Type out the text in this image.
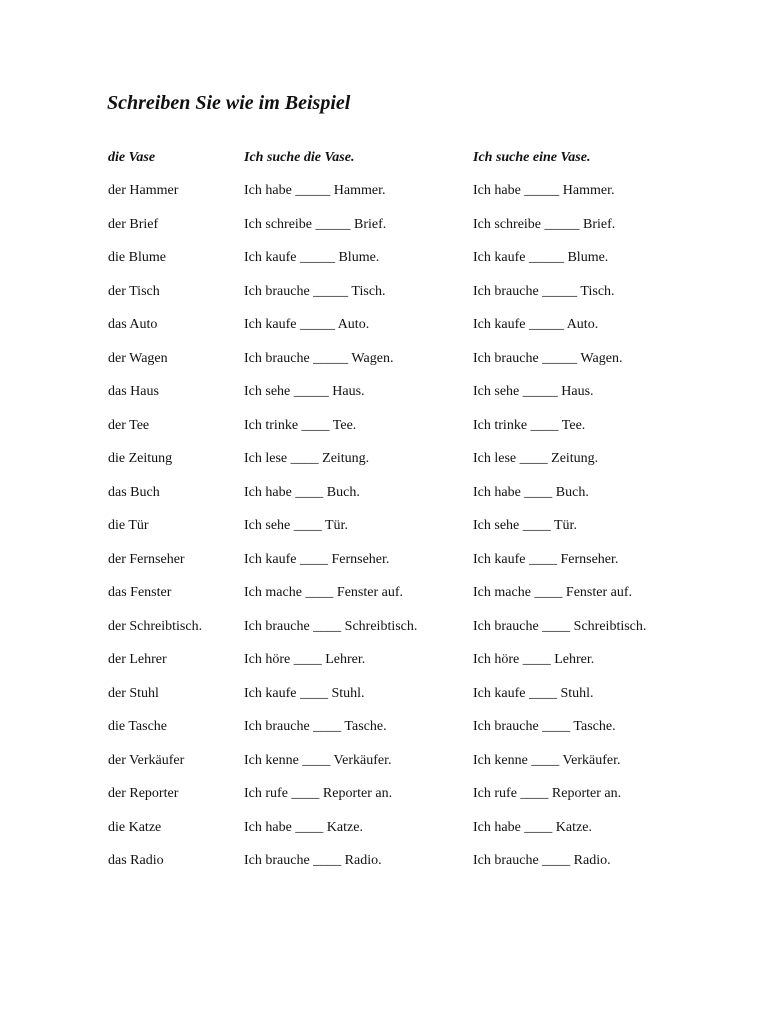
Schreiben Sie wie im Beispiel
die Vase	Ich suche die Vase.	Ich suche eine Vase.
der Hammer	Ich habe _____ Hammer.	Ich habe _____ Hammer.
der Brief	Ich schreibe _____ Brief.	Ich schreibe _____ Brief.
die Blume	Ich kaufe _____ Blume.	Ich kaufe _____ Blume.
der Tisch	Ich brauche _____ Tisch.	Ich brauche _____ Tisch.
das Auto	Ich kaufe _____ Auto.	Ich kaufe _____ Auto.
der Wagen	Ich brauche _____ Wagen.	Ich brauche _____ Wagen.
das Haus	Ich sehe _____ Haus.	Ich sehe _____ Haus.
der Tee	Ich trinke ____ Tee.	Ich trinke ____ Tee.
die Zeitung	Ich lese ____ Zeitung.	Ich lese ____ Zeitung.
das Buch	Ich habe ____ Buch.	Ich habe ____ Buch.
die Tür	Ich sehe ____ Tür.	Ich sehe ____ Tür.
der Fernseher	Ich kaufe ____ Fernseher.	Ich kaufe ____ Fernseher.
das Fenster	Ich mache ____ Fenster auf.	Ich mache ____ Fenster auf.
der Schreibtisch.	Ich brauche ____ Schreibtisch.	Ich brauche ____ Schreibtisch.
der Lehrer	Ich höre ____ Lehrer.	Ich höre ____ Lehrer.
der Stuhl	Ich kaufe ____ Stuhl.	Ich kaufe ____ Stuhl.
die Tasche	Ich brauche ____ Tasche.	Ich brauche ____ Tasche.
der Verkäufer	Ich kenne ____ Verkäufer.	Ich kenne ____ Verkäufer.
der Reporter	Ich rufe ____ Reporter an.	Ich rufe ____ Reporter an.
die Katze	Ich habe ____ Katze.	Ich habe ____ Katze.
das Radio	Ich brauche ____ Radio.	Ich brauche ____ Radio.
